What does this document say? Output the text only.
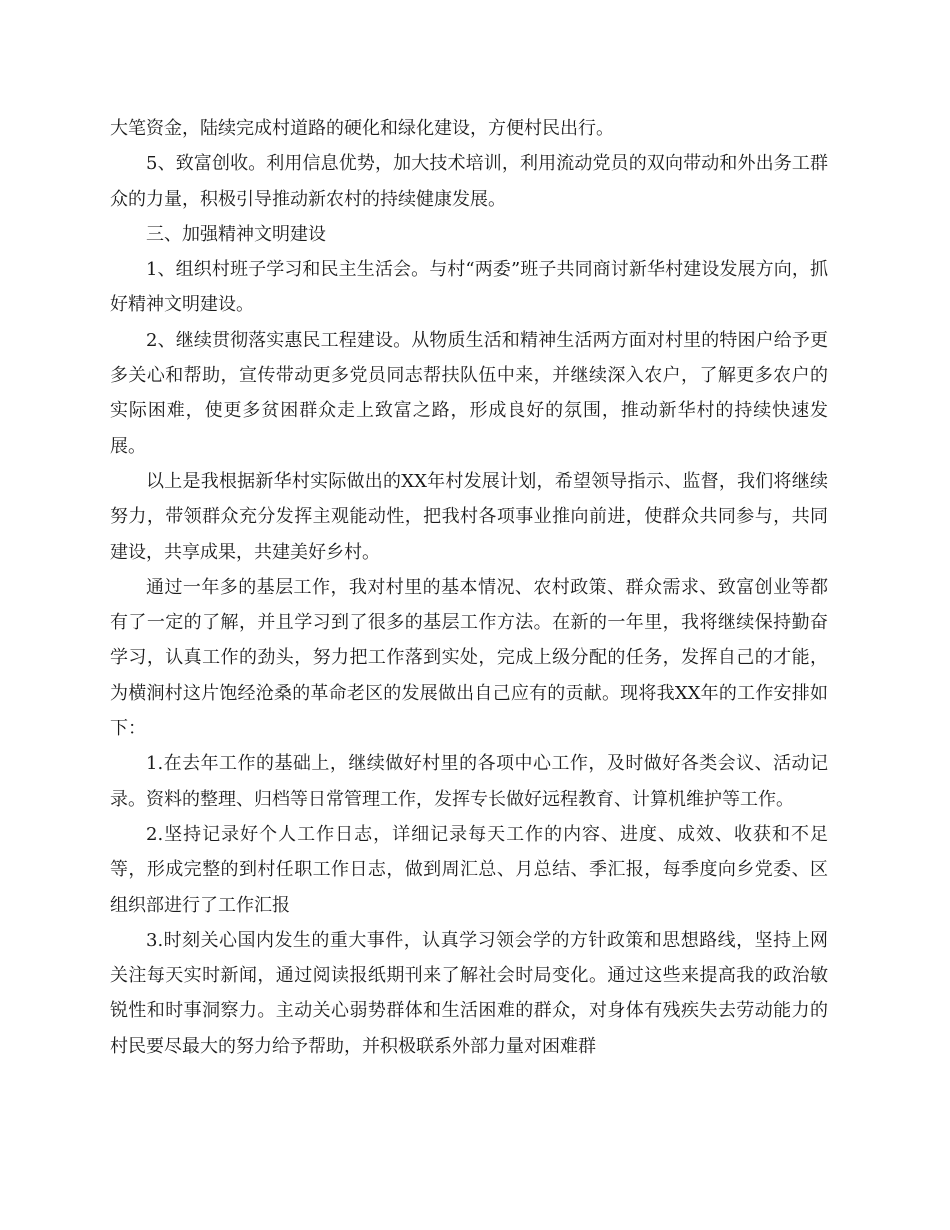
大笔资金，陆续完成村道路的硬化和绿化建设，方便村民出行。

5、致富创收。利用信息优势，加大技术培训，利用流动党员的双向带动和外出务工群众的力量，积极引导推动新农村的持续健康发展。

三、加强精神文明建设

1、组织村班子学习和民主生活会。与村“两委”班子共同商讨新华村建设发展方向，抓好精神文明建设。

2、继续贯彻落实惠民工程建设。从物质生活和精神生活两方面对村里的特困户给予更多关心和帮助，宣传带动更多党员同志帮扶队伍中来，并继续深入农户，了解更多农户的实际困难，使更多贫困群众走上致富之路，形成良好的氛围，推动新华村的持续快速发展。

以上是我根据新华村实际做出的XX年村发展计划，希望领导指示、监督，我们将继续努力，带领群众充分发挥主观能动性，把我村各项事业推向前进，使群众共同参与，共同建设，共享成果，共建美好乡村。

通过一年多的基层工作，我对村里的基本情况、农村政策、群众需求、致富创业等都有了一定的了解，并且学习到了很多的基层工作方法。在新的一年里，我将继续保持勤奋学习，认真工作的劲头，努力把工作落到实处，完成上级分配的任务，发挥自己的才能，为横涧村这片饱经沧桑的革命老区的发展做出自己应有的贡献。现将我XX年的工作安排如下：

1.在去年工作的基础上，继续做好村里的各项中心工作，及时做好各类会议、活动记录。资料的整理、归档等日常管理工作，发挥专长做好远程教育、计算机维护等工作。

2.坚持记录好个人工作日志，详细记录每天工作的内容、进度、成效、收获和不足等，形成完整的到村任职工作日志，做到周汇总、月总结、季汇报，每季度向乡党委、区组织部进行了工作汇报

3.时刻关心国内发生的重大事件，认真学习领会学的方针政策和思想路线，坚持上网关注每天实时新闻，通过阅读报纸期刊来了解社会时局变化。通过这些来提高我的政治敏锐性和时事洞察力。主动关心弱势群体和生活困难的群众，对身体有残疾失去劳动能力的村民要尽最大的努力给予帮助，并积极联系外部力量对困难群
